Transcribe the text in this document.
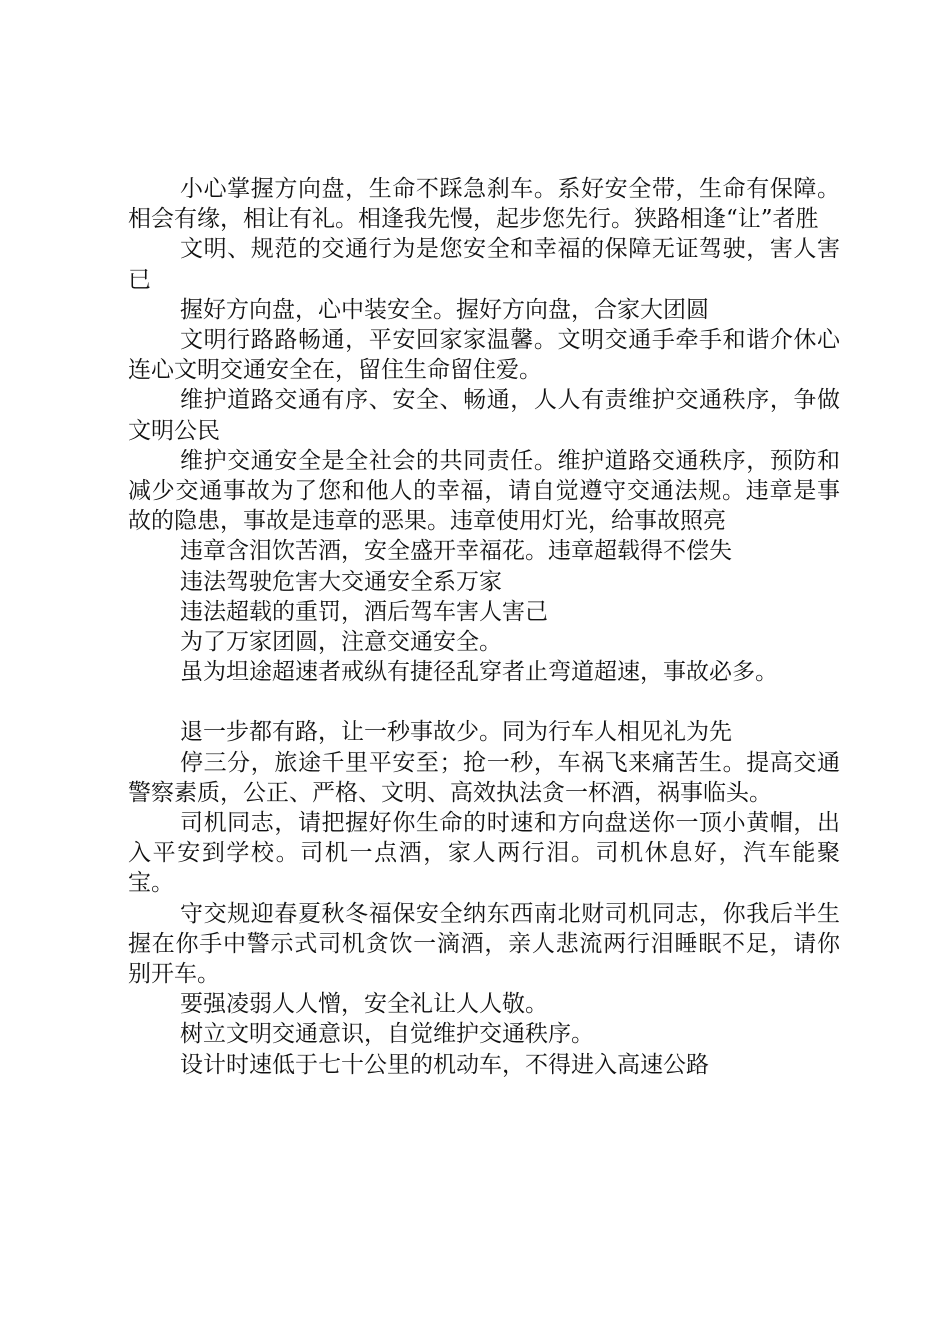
小心掌握方向盘，生命不踩急刹车。系好安全带，生命有保障。相会有缘，相让有礼。相逢我先慢，起步您先行。狭路相逢“让”者胜

文明、规范的交通行为是您安全和幸福的保障无证驾驶，害人害已

握好方向盘，心中装安全。握好方向盘，合家大团圆

文明行路路畅通，平安回家家温馨。文明交通手牵手和谐介休心连心文明交通安全在，留住生命留住爱。

维护道路交通有序、安全、畅通，人人有责维护交通秩序，争做文明公民

维护交通安全是全社会的共同责任。维护道路交通秩序，预防和减少交通事故为了您和他人的幸福，请自觉遵守交通法规。违章是事故的隐患，事故是违章的恶果。违章使用灯光，给事故照亮

违章含泪饮苦酒，安全盛开幸福花。违章超载得不偿失

违法驾驶危害大交通安全系万家

违法超载的重罚，酒后驾车害人害己

为了万家团圆，注意交通安全。

虽为坦途超速者戒纵有捷径乱穿者止弯道超速，事故必多。

退一步都有路，让一秒事故少。同为行车人相见礼为先

停三分，旅途千里平安至；抢一秒，车祸飞来痛苦生。提高交通警察素质，公正、严格、文明、高效执法贪一杯酒，祸事临头。

司机同志，请把握好你生命的时速和方向盘送你一顶小黄帽，出入平安到学校。司机一点酒，家人两行泪。司机休息好，汽车能聚宝。

守交规迎春夏秋冬福保安全纳东西南北财司机同志，你我后半生握在你手中警示式司机贪饮一滴酒，亲人悲流两行泪睡眠不足，请你别开车。

要强凌弱人人憎，安全礼让人人敬。

树立文明交通意识，自觉维护交通秩序。

设计时速低于七十公里的机动车，不得进入高速公路
